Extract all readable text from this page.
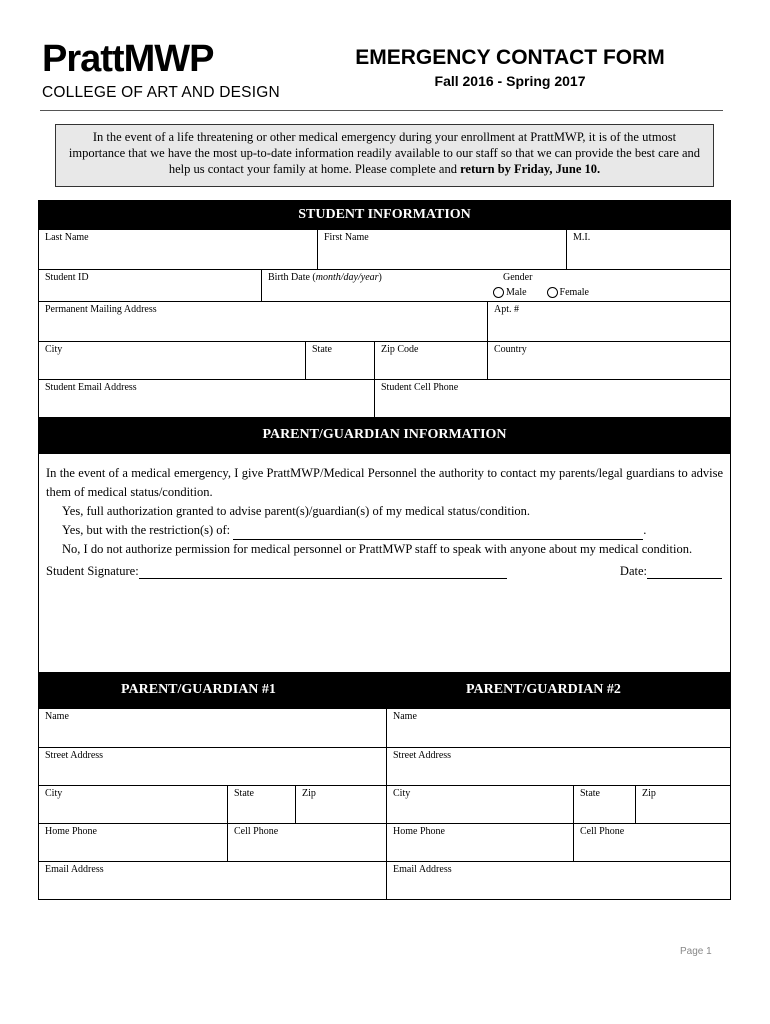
PrattMWP
COLLEGE OF ART AND DESIGN
EMERGENCY CONTACT FORM
Fall 2016 - Spring 2017
In the event of a life threatening or other medical emergency during your enrollment at PrattMWP, it is of the utmost importance that we have the most up-to-date information readily available to our staff so that we can provide the best care and help us contact your family at home. Please complete and return by Friday, June 10.
STUDENT INFORMATION
Last Name	First Name	M.I.
Student ID	Birth Date (month/day/year)	Gender
Male	Female
Permanent Mailing Address	Apt. #
City	State	Zip Code	Country
Student Email Address	Student Cell Phone
PARENT/GUARDIAN INFORMATION

In the event of a medical emergency, I give PrattMWP/Medical Personnel the authority to contact my parents/legal guardians to advise them of medical status/condition.

Yes, full authorization granted to advise parent(s)/guardian(s) of my medical status/condition.

Yes, but with the restriction(s) of:	.

No, I do not authorize permission for medical personnel or PrattMWP staff to speak with anyone about my medical condition.

Student Signature:	Date:
PARENT/GUARDIAN #1	PARENT/GUARDIAN #2
Name	Name
Street Address	Street Address
City	State	Zip	City	State	Zip
Home Phone	Cell Phone	Home Phone	Cell Phone
Email Address	Email Address
Page 1
